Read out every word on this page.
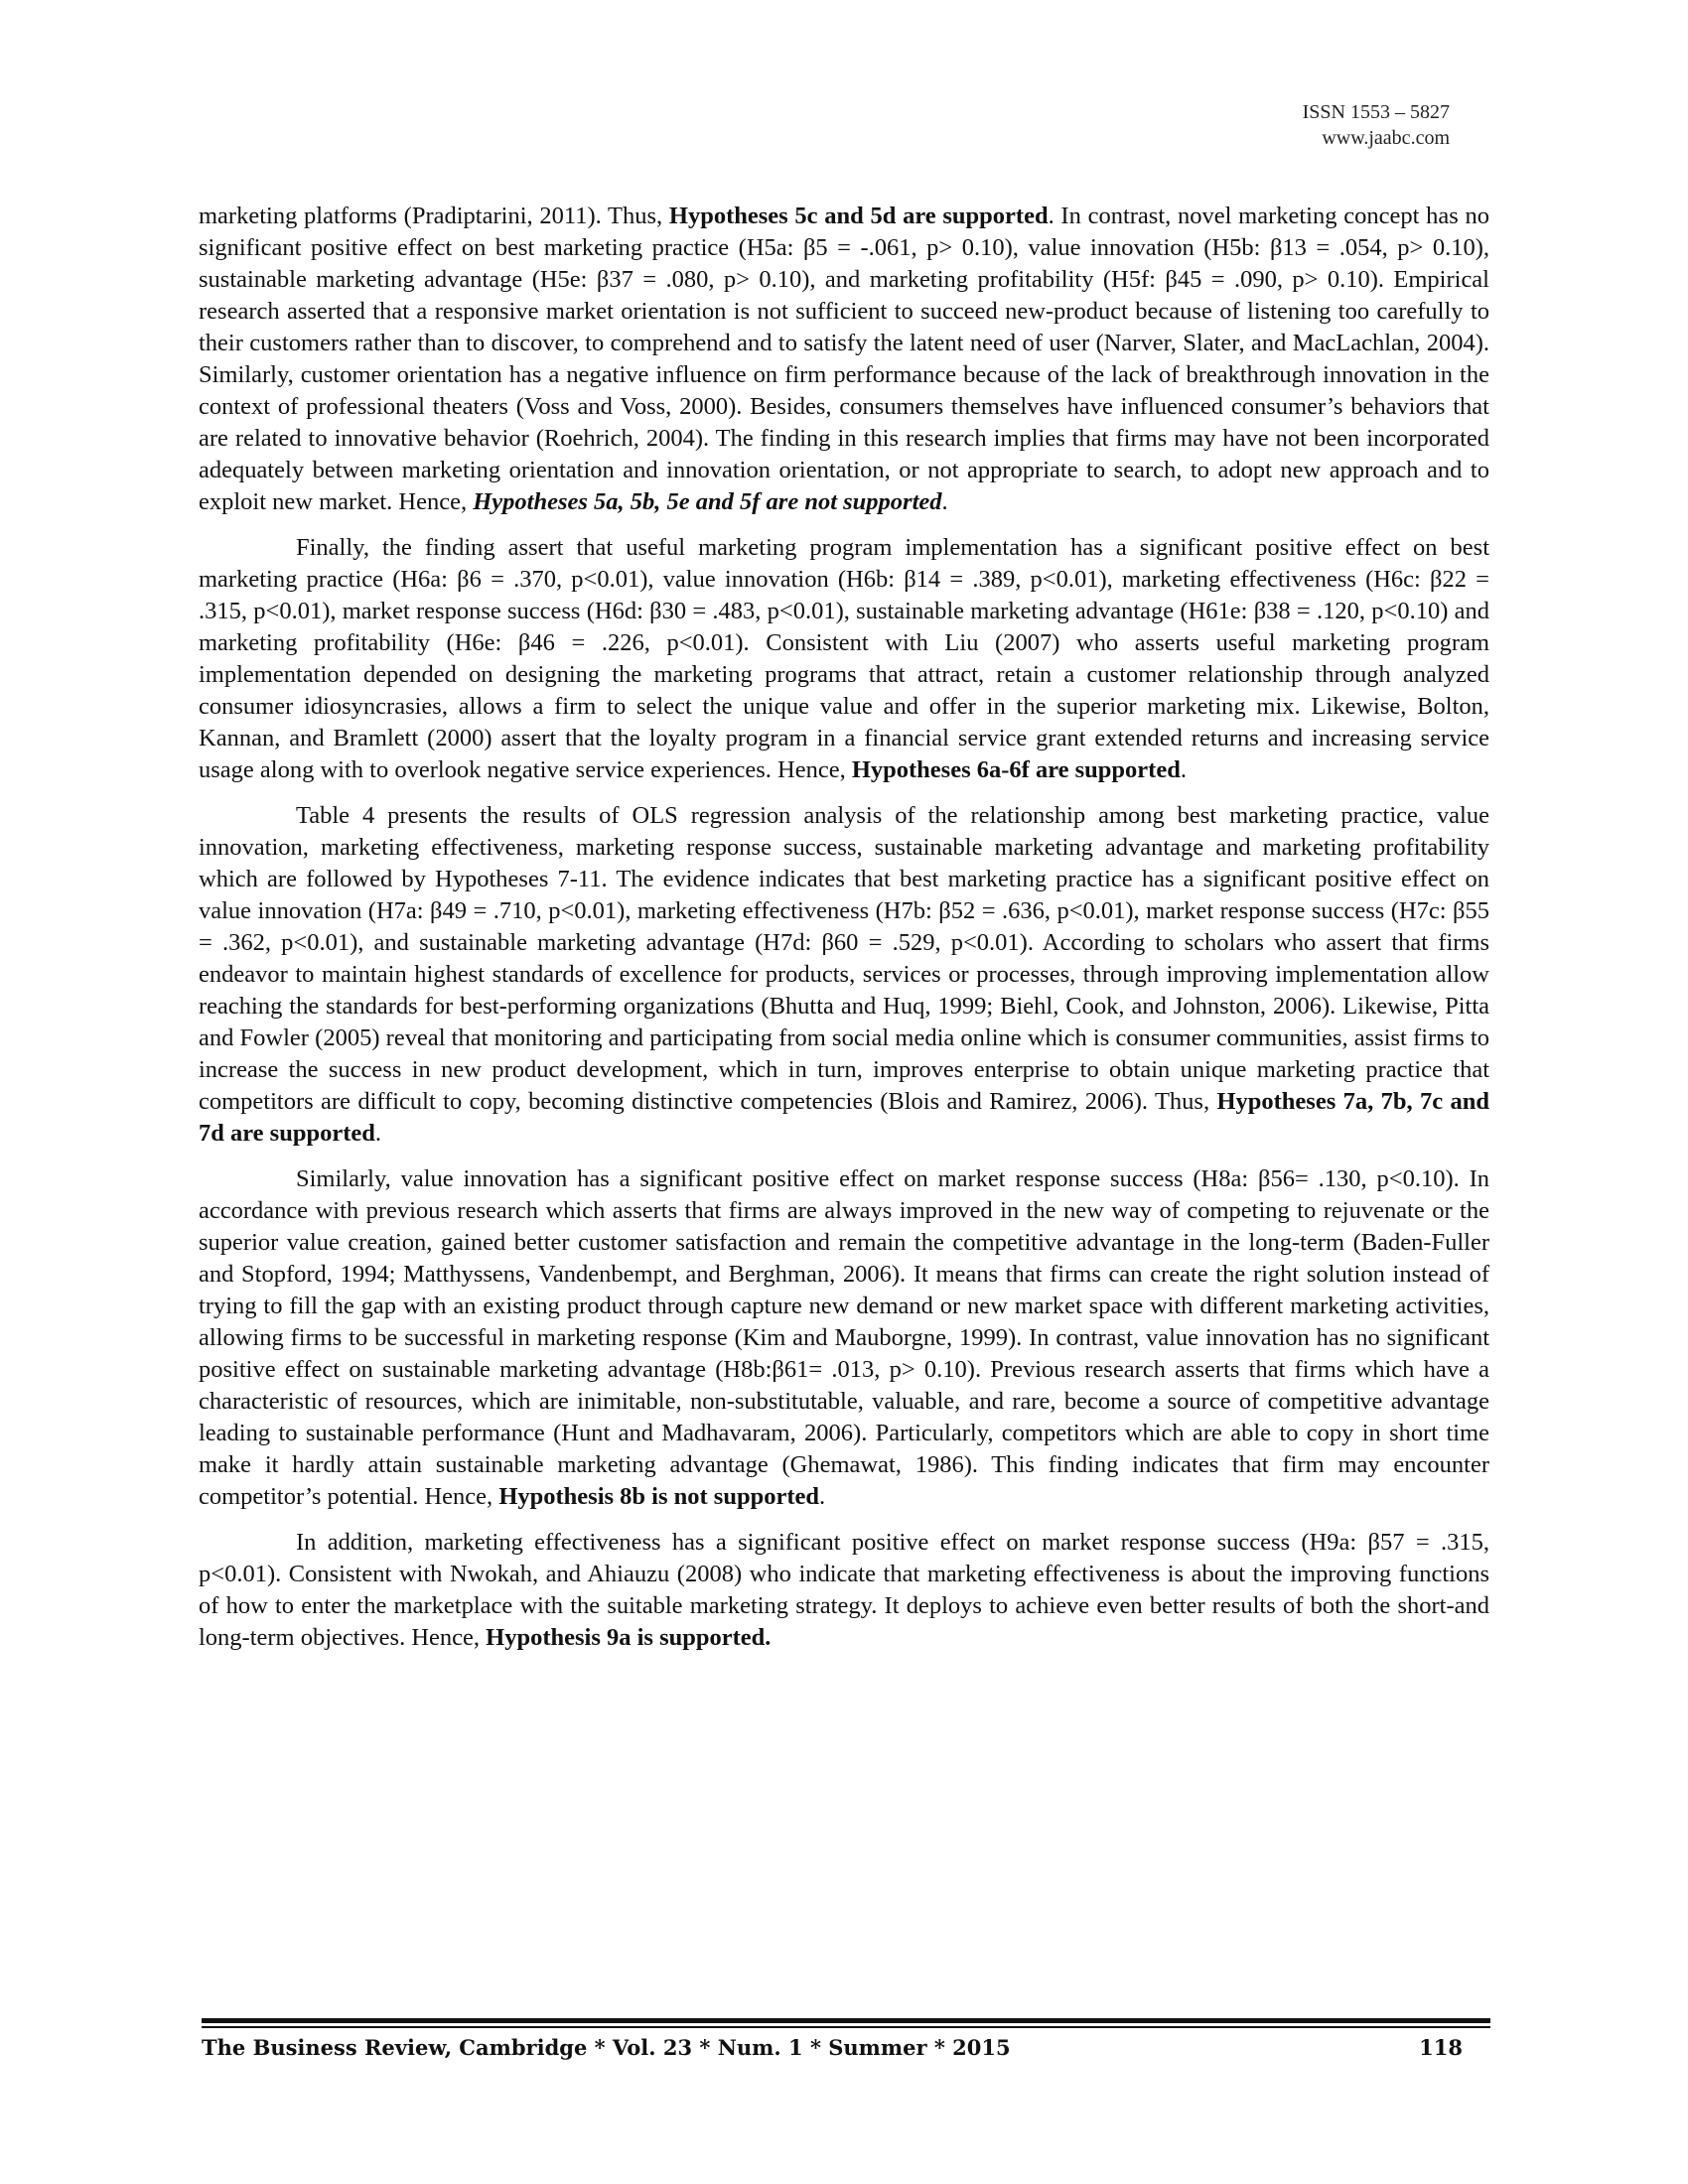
ISSN 1553 – 5827
www.jaabc.com

marketing platforms (Pradiptarini, 2011). Thus, Hypotheses 5c and 5d are supported. In contrast, novel marketing concept has no significant positive effect on best marketing practice (H5a: β5 = -.061, p> 0.10), value innovation (H5b: β13 = .054, p> 0.10), sustainable marketing advantage (H5e: β37 = .080, p> 0.10), and marketing profitability (H5f: β45 = .090, p> 0.10). Empirical research asserted that a responsive market orientation is not sufficient to succeed new-product because of listening too carefully to their customers rather than to discover, to comprehend and to satisfy the latent need of user (Narver, Slater, and MacLachlan, 2004). Similarly, customer orientation has a negative influence on firm performance because of the lack of breakthrough innovation in the context of professional theaters (Voss and Voss, 2000). Besides, consumers themselves have influenced consumer’s behaviors that are related to innovative behavior (Roehrich, 2004). The finding in this research implies that firms may have not been incorporated adequately between marketing orientation and innovation orientation, or not appropriate to search, to adopt new approach and to exploit new market. Hence, Hypotheses 5a, 5b, 5e and 5f are not supported.

Finally, the finding assert that useful marketing program implementation has a significant positive effect on best marketing practice (H6a: β6 = .370, p<0.01), value innovation (H6b: β14 = .389, p<0.01), marketing effectiveness (H6c: β22 = .315, p<0.01), market response success (H6d: β30 = .483, p<0.01), sustainable marketing advantage (H61e: β38 = .120, p<0.10) and marketing profitability (H6e: β46 = .226, p<0.01). Consistent with Liu (2007) who asserts useful marketing program implementation depended on designing the marketing programs that attract, retain a customer relationship through analyzed consumer idiosyncrasies, allows a firm to select the unique value and offer in the superior marketing mix. Likewise, Bolton, Kannan, and Bramlett (2000) assert that the loyalty program in a financial service grant extended returns and increasing service usage along with to overlook negative service experiences. Hence, Hypotheses 6a-6f are supported.

Table 4 presents the results of OLS regression analysis of the relationship among best marketing practice, value innovation, marketing effectiveness, marketing response success, sustainable marketing advantage and marketing profitability which are followed by Hypotheses 7-11. The evidence indicates that best marketing practice has a significant positive effect on value innovation (H7a: β49 = .710, p<0.01), marketing effectiveness (H7b: β52 = .636, p<0.01), market response success (H7c: β55 = .362, p<0.01), and sustainable marketing advantage (H7d: β60 = .529, p<0.01). According to scholars who assert that firms endeavor to maintain highest standards of excellence for products, services or processes, through improving implementation allow reaching the standards for best-performing organizations (Bhutta and Huq, 1999; Biehl, Cook, and Johnston, 2006). Likewise, Pitta and Fowler (2005) reveal that monitoring and participating from social media online which is consumer communities, assist firms to increase the success in new product development, which in turn, improves enterprise to obtain unique marketing practice that competitors are difficult to copy, becoming distinctive competencies (Blois and Ramirez, 2006). Thus, Hypotheses 7a, 7b, 7c and 7d are supported.

Similarly, value innovation has a significant positive effect on market response success (H8a: β56= .130, p<0.10). In accordance with previous research which asserts that firms are always improved in the new way of competing to rejuvenate or the superior value creation, gained better customer satisfaction and remain the competitive advantage in the long-term (Baden-Fuller and Stopford, 1994; Matthyssens, Vandenbempt, and Berghman, 2006). It means that firms can create the right solution instead of trying to fill the gap with an existing product through capture new demand or new market space with different marketing activities, allowing firms to be successful in marketing response (Kim and Mauborgne, 1999). In contrast, value innovation has no significant positive effect on sustainable marketing advantage (H8b:β61= .013, p> 0.10). Previous research asserts that firms which have a characteristic of resources, which are inimitable, non-substitutable, valuable, and rare, become a source of competitive advantage leading to sustainable performance (Hunt and Madhavaram, 2006). Particularly, competitors which are able to copy in short time make it hardly attain sustainable marketing advantage (Ghemawat, 1986). This finding indicates that firm may encounter competitor’s potential. Hence, Hypothesis 8b is not supported.

In addition, marketing effectiveness has a significant positive effect on market response success (H9a: β57 = .315, p<0.01). Consistent with Nwokah, and Ahiauzu (2008) who indicate that marketing effectiveness is about the improving functions of how to enter the marketplace with the suitable marketing strategy. It deploys to achieve even better results of both the short-and long-term objectives. Hence, Hypothesis 9a is supported.

The Business Review, Cambridge * Vol. 23 * Num. 1 * Summer * 2015	118
